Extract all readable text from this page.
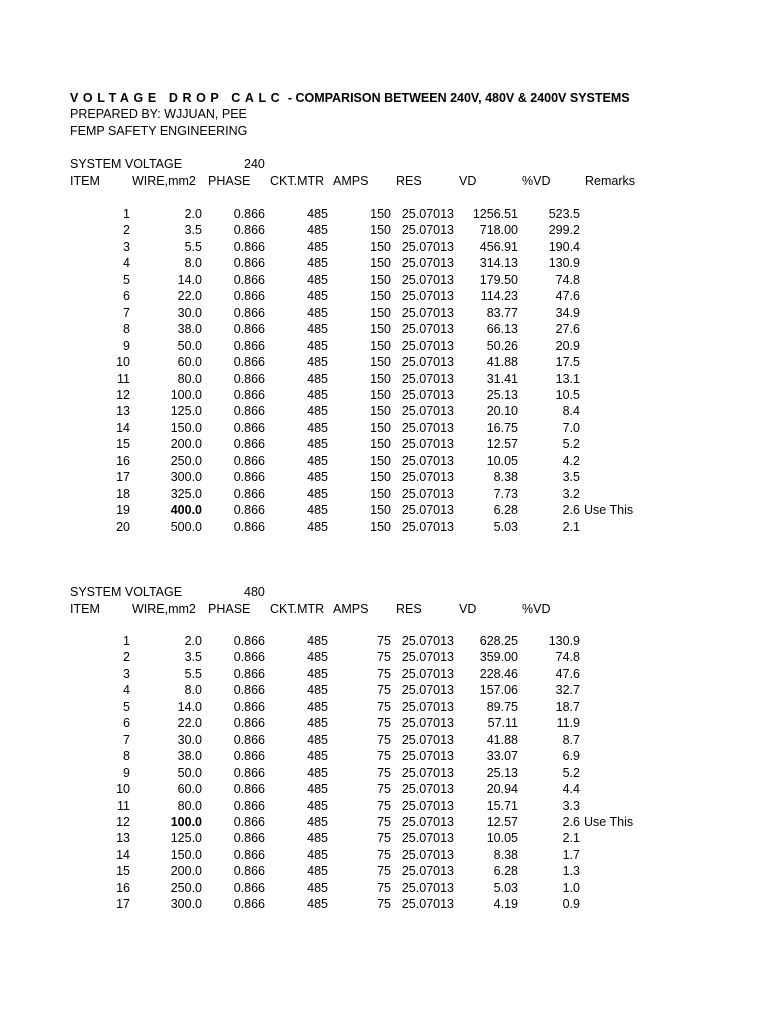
VOLTAGE DROP CALC - COMPARISON BETWEEN 240V, 480V & 2400V SYSTEMS
PREPARED BY: WJJUAN, PEE
FEMP SAFETY ENGINEERING
SYSTEM VOLTAGE	240
ITEM	WIRE,mm2 PHASE CKT.MTR AMPS RES	VD	%VD	Remarks
1	2.0	0.866	485	150 25.07013	1256.51	523.5
2	3.5	0.866	485	150 25.07013	718.00	299.2
3	5.5	0.866	485	150 25.07013	456.91	190.4
4	8.0	0.866	485	150 25.07013	314.13	130.9
5	14.0	0.866	485	150 25.07013	179.50	74.8
6	22.0	0.866	485	150 25.07013	114.23	47.6
7	30.0	0.866	485	150 25.07013	83.77	34.9
8	38.0	0.866	485	150 25.07013	66.13	27.6
9	50.0	0.866	485	150 25.07013	50.26	20.9
10	60.0	0.866	485	150 25.07013	41.88	17.5
11	80.0	0.866	485	150 25.07013	31.41	13.1
12	100.0	0.866	485	150 25.07013	25.13	10.5
13	125.0	0.866	485	150 25.07013	20.10	8.4
14	150.0	0.866	485	150 25.07013	16.75	7.0
15	200.0	0.866	485	150 25.07013	12.57	5.2
16	250.0	0.866	485	150 25.07013	10.05	4.2
17	300.0	0.866	485	150 25.07013	8.38	3.5
18	325.0	0.866	485	150 25.07013	7.73	3.2
19	400.0	0.866	485	150 25.07013	6.28	2.6 Use This
20	500.0	0.866	485	150 25.07013	5.03	2.1
SYSTEM VOLTAGE	480
ITEM	WIRE,mm2 PHASE CKT.MTR AMPS RES	VD	%VD
1	2.0	0.866	485	75 25.07013	628.25	130.9
2	3.5	0.866	485	75 25.07013	359.00	74.8
3	5.5	0.866	485	75 25.07013	228.46	47.6
4	8.0	0.866	485	75 25.07013	157.06	32.7
5	14.0	0.866	485	75 25.07013	89.75	18.7
6	22.0	0.866	485	75 25.07013	57.11	11.9
7	30.0	0.866	485	75 25.07013	41.88	8.7
8	38.0	0.866	485	75 25.07013	33.07	6.9
9	50.0	0.866	485	75 25.07013	25.13	5.2
10	60.0	0.866	485	75 25.07013	20.94	4.4
11	80.0	0.866	485	75 25.07013	15.71	3.3
12	100.0	0.866	485	75 25.07013	12.57	2.6 Use This
13	125.0	0.866	485	75 25.07013	10.05	2.1
14	150.0	0.866	485	75 25.07013	8.38	1.7
15	200.0	0.866	485	75 25.07013	6.28	1.3
16	250.0	0.866	485	75 25.07013	5.03	1.0
17	300.0	0.866	485	75 25.07013	4.19	0.9
